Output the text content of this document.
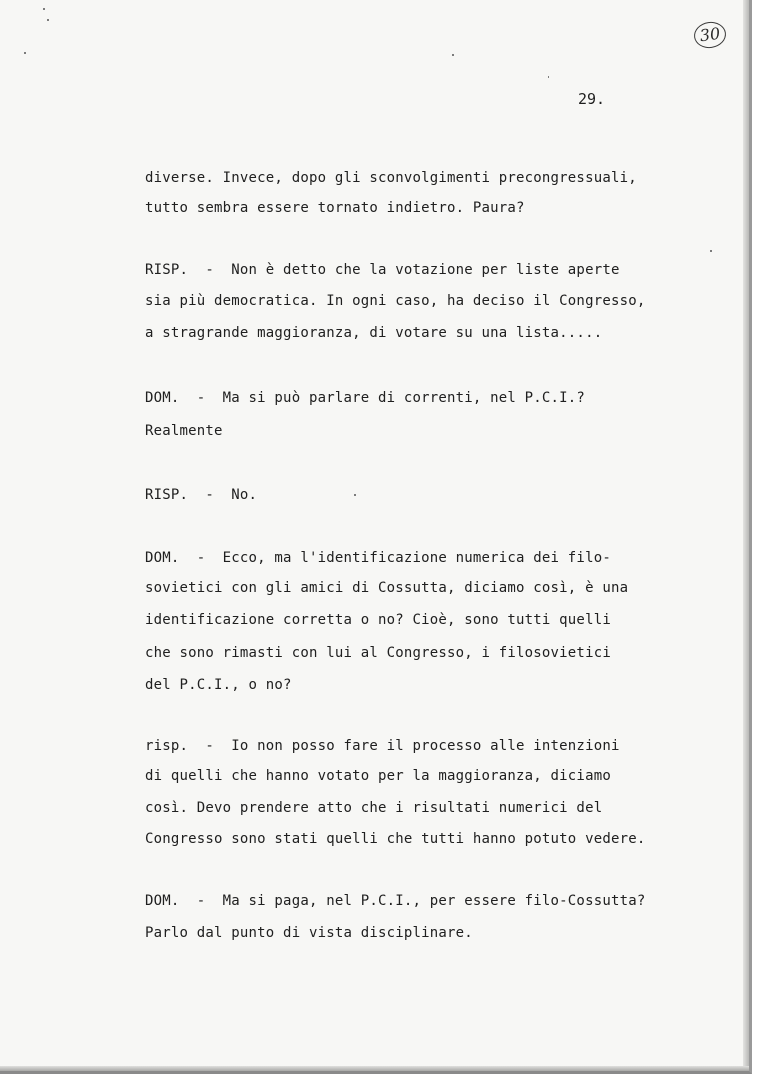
30
29.

diverse. Invece, dopo gli sconvolgimenti precongressuali,

tutto sembra essere tornato indietro. Paura?

RISP.  -  Non è detto che la votazione per liste aperte

sia più democratica. In ogni caso, ha deciso il Congresso,

a stragrande maggioranza, di votare su una lista.....

DOM.  -  Ma si può parlare di correnti, nel P.C.I.?

Realmente

RISP.  -  No.

DOM.  -  Ecco, ma l'identificazione numerica dei filo-

sovietici con gli amici di Cossutta, diciamo così, è una

identificazione corretta o no? Cioè, sono tutti quelli

che sono rimasti con lui al Congresso, i filosovietici

del P.C.I., o no?

risp.  -  Io non posso fare il processo alle intenzioni

di quelli che hanno votato per la maggioranza, diciamo

così. Devo prendere atto che i risultati numerici del

Congresso sono stati quelli che tutti hanno potuto vedere.

DOM.  -  Ma si paga, nel P.C.I., per essere filo-Cossutta?

Parlo dal punto di vista disciplinare.
